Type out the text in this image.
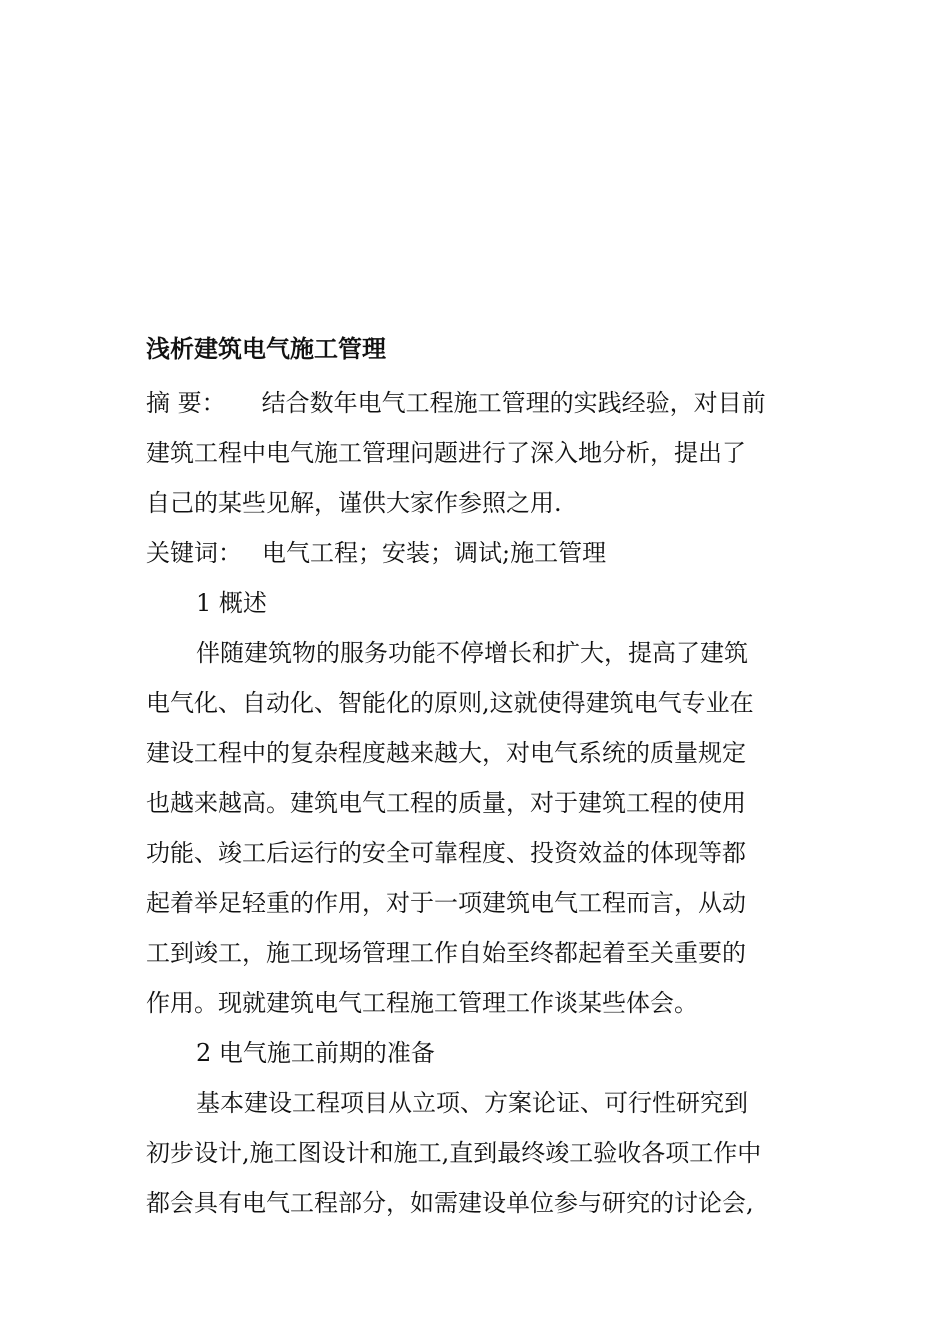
浅析建筑电气施工管理
摘 要： 结合数年电气工程施工管理的实践经验，对目前
建筑工程中电气施工管理问题进行了深入地分析，提出了
自己的某些见解，谨供大家作参照之用.
关键词： 电气工程；安装；调试;施工管理
1 概述
伴随建筑物的服务功能不停增长和扩大，提高了建筑
电气化、自动化、智能化的原则,这就使得建筑电气专业在
建设工程中的复杂程度越来越大，对电气系统的质量规定
也越来越高。建筑电气工程的质量，对于建筑工程的使用
功能、竣工后运行的安全可靠程度、投资效益的体现等都
起着举足轻重的作用，对于一项建筑电气工程而言，从动
工到竣工，施工现场管理工作自始至终都起着至关重要的
作用。现就建筑电气工程施工管理工作谈某些体会。
2 电气施工前期的准备
基本建设工程项目从立项、方案论证、可行性研究到
初步设计,施工图设计和施工,直到最终竣工验收各项工作中
都会具有电气工程部分，如需建设单位参与研究的讨论会,
